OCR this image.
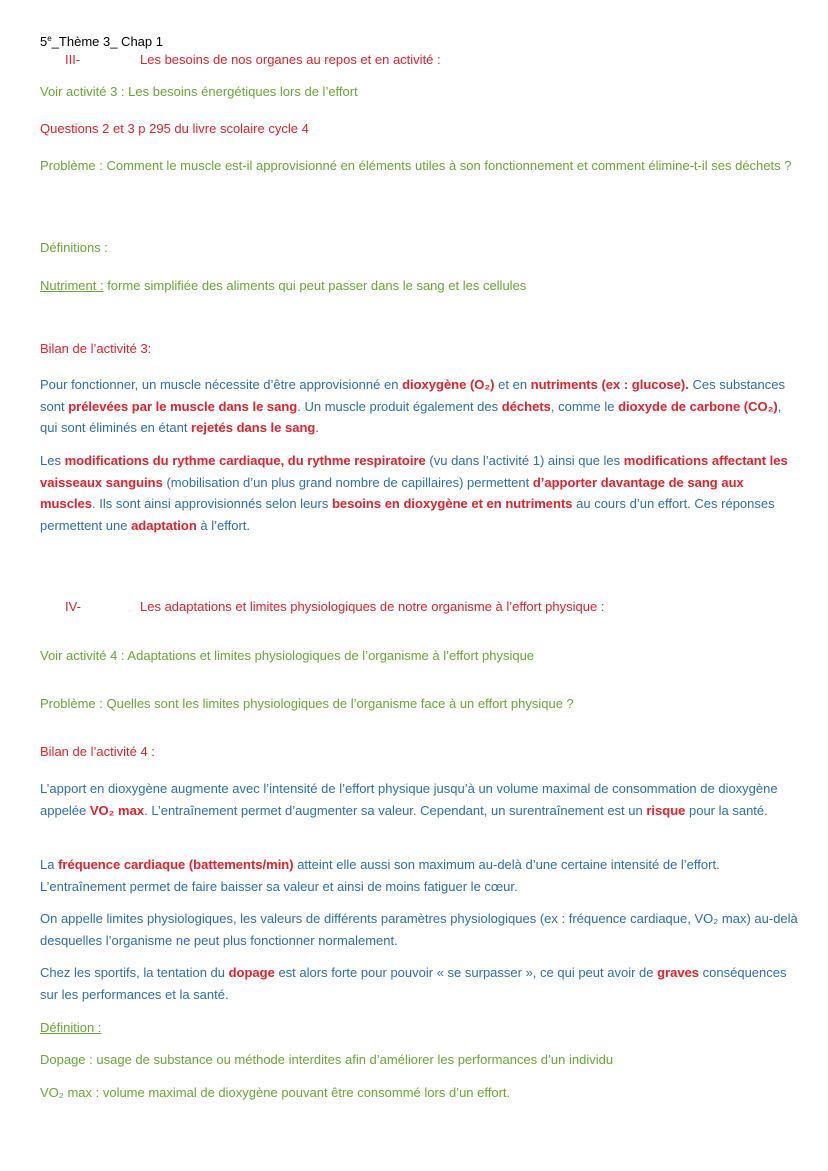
5e_Thème 3_ Chap 1
III-	Les besoins de nos organes au repos et en activité :
Voir activité 3 : Les besoins énergétiques lors de l’effort
Questions 2 et 3 p 295 du livre scolaire cycle 4
Problème : Comment le muscle est-il approvisionné en éléments utiles à son fonctionnement et comment élimine-t-il ses déchets ?
Définitions :
Nutriment : forme simplifiée des aliments qui peut passer dans le sang et les cellules
Bilan de l’activité 3:
Pour fonctionner, un muscle nécessite d’être approvisionné en dioxygène (O₂) et en nutriments (ex : glucose). Ces substances sont prélevées par le muscle dans le sang. Un muscle produit également des déchets, comme le dioxyde de carbone (CO₂), qui sont éliminés en étant rejetés dans le sang.
Les modifications du rythme cardiaque, du rythme respiratoire (vu dans l’activité 1) ainsi que les modifications affectant les vaisseaux sanguins (mobilisation d’un plus grand nombre de capillaires) permettent d’apporter davantage de sang aux muscles. Ils sont ainsi approvisionnés selon leurs besoins en dioxygène et en nutriments au cours d’un effort. Ces réponses permettent une adaptation à l’effort.
IV-	Les adaptations et limites physiologiques de notre organisme à l’effort physique :
Voir activité 4 : Adaptations et limites physiologiques de l’organisme à l’effort physique
Problème : Quelles sont les limites physiologiques de l’organisme face à un effort physique ?
Bilan de l’activité 4 :
L’apport en dioxygène augmente avec l’intensité de l’effort physique jusqu’à un volume maximal de consommation de dioxygène appelée VO₂ max. L’entraînement permet d’augmenter sa valeur. Cependant, un surentraînement est un risque pour la santé.
La fréquence cardiaque (battements/min) atteint elle aussi son maximum au-delà d’une certaine intensité de l’effort. L’entraînement permet de faire baisser sa valeur et ainsi de moins fatiguer le cœur.
On appelle limites physiologiques, les valeurs de différents paramètres physiologiques (ex : fréquence cardiaque, VO₂ max) au-delà desquelles l’organisme ne peut plus fonctionner normalement.
Chez les sportifs, la tentation du dopage est alors forte pour pouvoir « se surpasser », ce qui peut avoir de graves conséquences sur les performances et la santé.
Définition :
Dopage : usage de substance ou méthode interdites afin d’améliorer les performances d’un individu
VO₂ max : volume maximal de dioxygène pouvant être consommé lors d’un effort.
